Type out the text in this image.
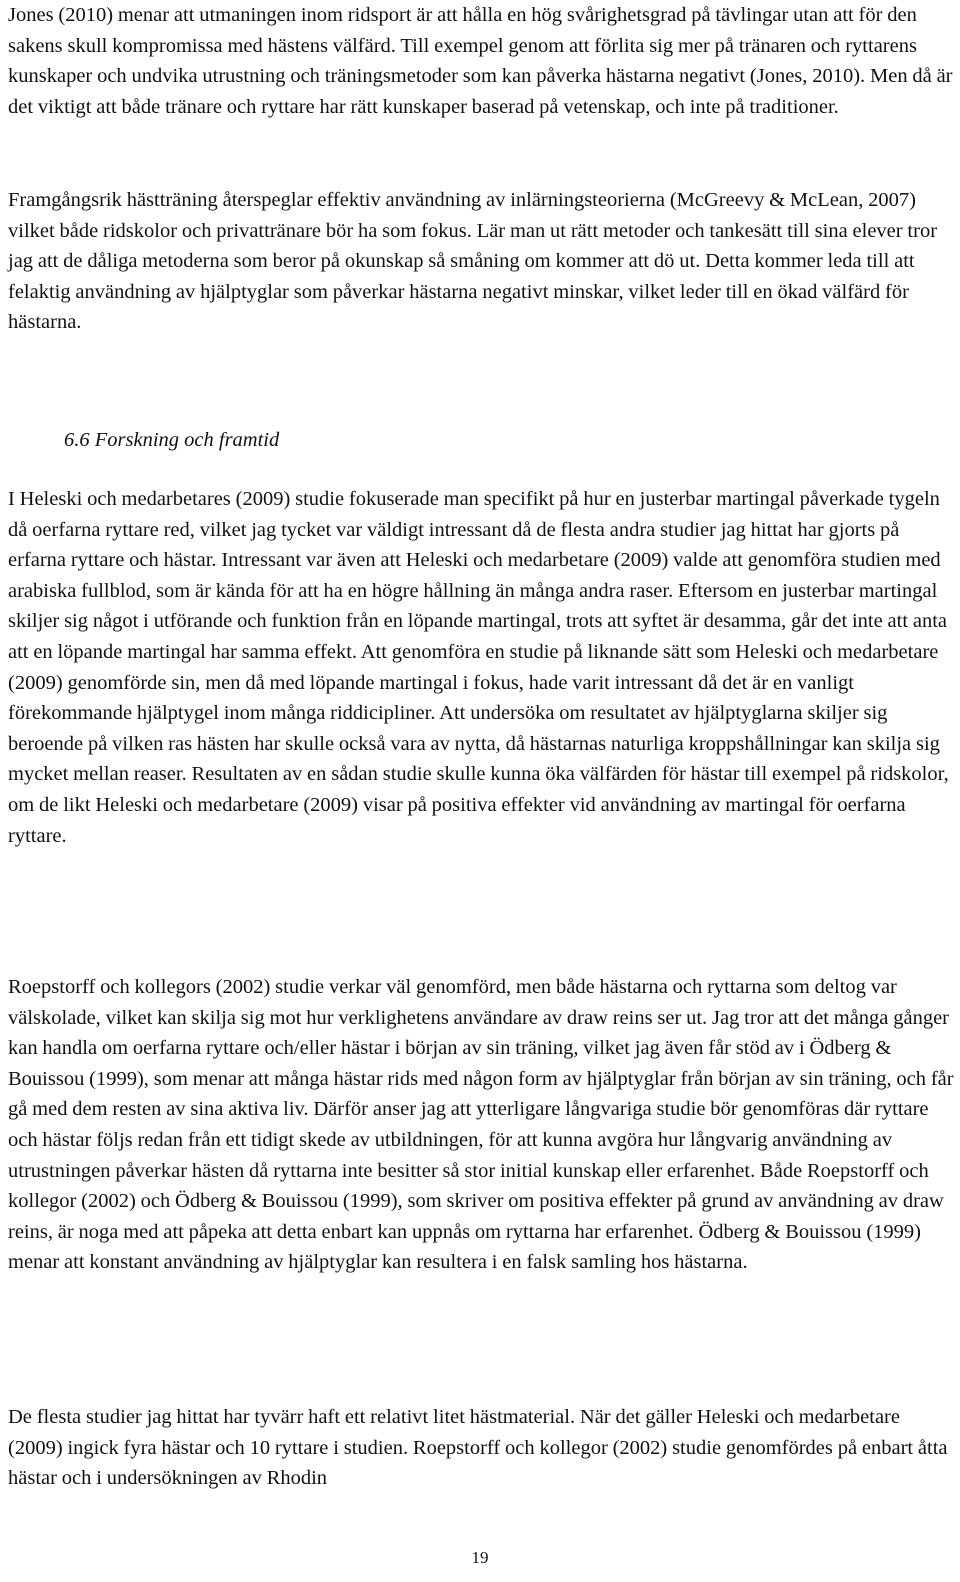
Jones (2010) menar att utmaningen inom ridsport är att hålla en hög svårighetsgrad på tävlingar utan att för den sakens skull kompromissa med hästens välfärd. Till exempel genom att förlita sig mer på tränaren och ryttarens kunskaper och undvika utrustning och träningsmetoder som kan påverka hästarna negativt (Jones, 2010). Men då är det viktigt att både tränare och ryttare har rätt kunskaper baserad på vetenskap, och inte på traditioner.

Framgångsrik hästträning återspeglar effektiv användning av inlärningsteorierna (McGreevy & McLean, 2007) vilket både ridskolor och privattränare bör ha som fokus. Lär man ut rätt metoder och tankesätt till sina elever tror jag att de dåliga metoderna som beror på okunskap så småning om kommer att dö ut. Detta kommer leda till att felaktig användning av hjälptyglar som påverkar hästarna negativt minskar, vilket leder till en ökad välfärd för hästarna.

6.6 Forskning och framtid

I Heleski och medarbetares (2009) studie fokuserade man specifikt på hur en justerbar martingal påverkade tygeln då oerfarna ryttare red, vilket jag tycket var väldigt intressant då de flesta andra studier jag hittat har gjorts på erfarna ryttare och hästar. Intressant var även att Heleski och medarbetare (2009) valde att genomföra studien med arabiska fullblod, som är kända för att ha en högre hållning än många andra raser. Eftersom en justerbar martingal skiljer sig något i utförande och funktion från en löpande martingal, trots att syftet är desamma, går det inte att anta att en löpande martingal har samma effekt. Att genomföra en studie på liknande sätt som Heleski och medarbetare (2009) genomförde sin, men då med löpande martingal i fokus, hade varit intressant då det är en vanligt förekommande hjälptygel inom många riddicipliner. Att undersöka om resultatet av hjälptyglarna skiljer sig beroende på vilken ras hästen har skulle också vara av nytta, då hästarnas naturliga kroppshållningar kan skilja sig mycket mellan reaser. Resultaten av en sådan studie skulle kunna öka välfärden för hästar till exempel på ridskolor, om de likt Heleski och medarbetare (2009) visar på positiva effekter vid användning av martingal för oerfarna ryttare.

Roepstorff och kollegors (2002) studie verkar väl genomförd, men både hästarna och ryttarna som deltog var välskolade, vilket kan skilja sig mot hur verklighetens användare av draw reins ser ut. Jag tror att det många gånger kan handla om oerfarna ryttare och/eller hästar i början av sin träning, vilket jag även får stöd av i Ödberg & Bouissou (1999), som menar att många hästar rids med någon form av hjälptyglar från början av sin träning, och får gå med dem resten av sina aktiva liv. Därför anser jag att ytterligare långvariga studie bör genomföras där ryttare och hästar följs redan från ett tidigt skede av utbildningen, för att kunna avgöra hur långvarig användning av utrustningen påverkar hästen då ryttarna inte besitter så stor initial kunskap eller erfarenhet. Både Roepstorff och kollegor (2002) och Ödberg & Bouissou (1999), som skriver om positiva effekter på grund av användning av draw reins, är noga med att påpeka att detta enbart kan uppnås om ryttarna har erfarenhet. Ödberg & Bouissou (1999) menar att konstant användning av hjälptyglar kan resultera i en falsk samling hos hästarna.

De flesta studier jag hittat har tyvärr haft ett relativt litet hästmaterial. När det gäller Heleski och medarbetare (2009) ingick fyra hästar och 10 ryttare i studien. Roepstorff och kollegor (2002) studie genomfördes på enbart åtta hästar och i undersökningen av Rhodin

19
